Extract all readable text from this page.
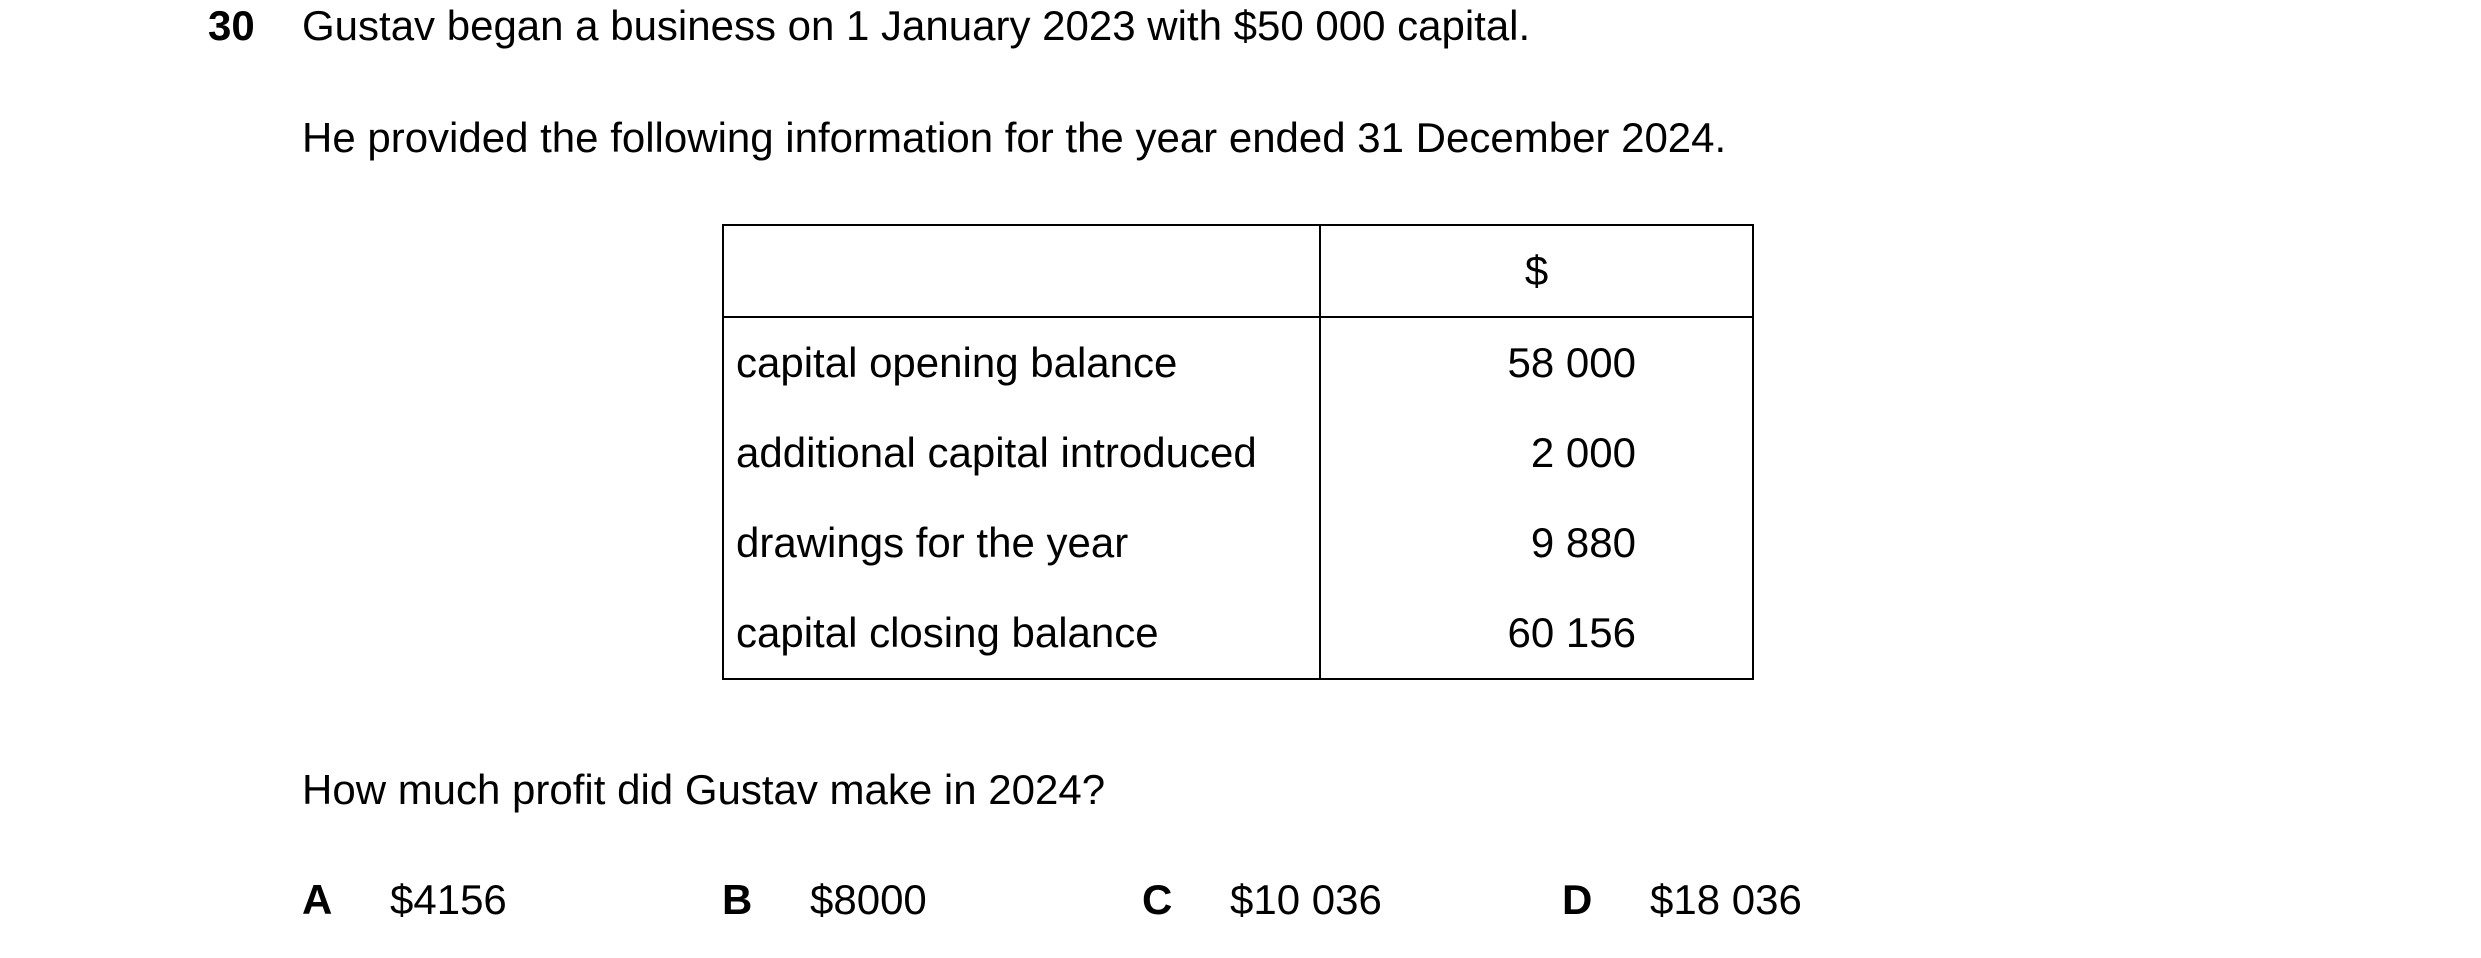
30 Gustav began a business on 1 January 2023 with $50 000 capital.
He provided the following information for the year ended 31 December 2024.
	$
capital opening balance	58 000
additional capital introduced	2 000
drawings for the year	9 880
capital closing balance	60 156
How much profit did Gustav make in 2024?
A $4156	B $8000	C $10 036	D $18 036
